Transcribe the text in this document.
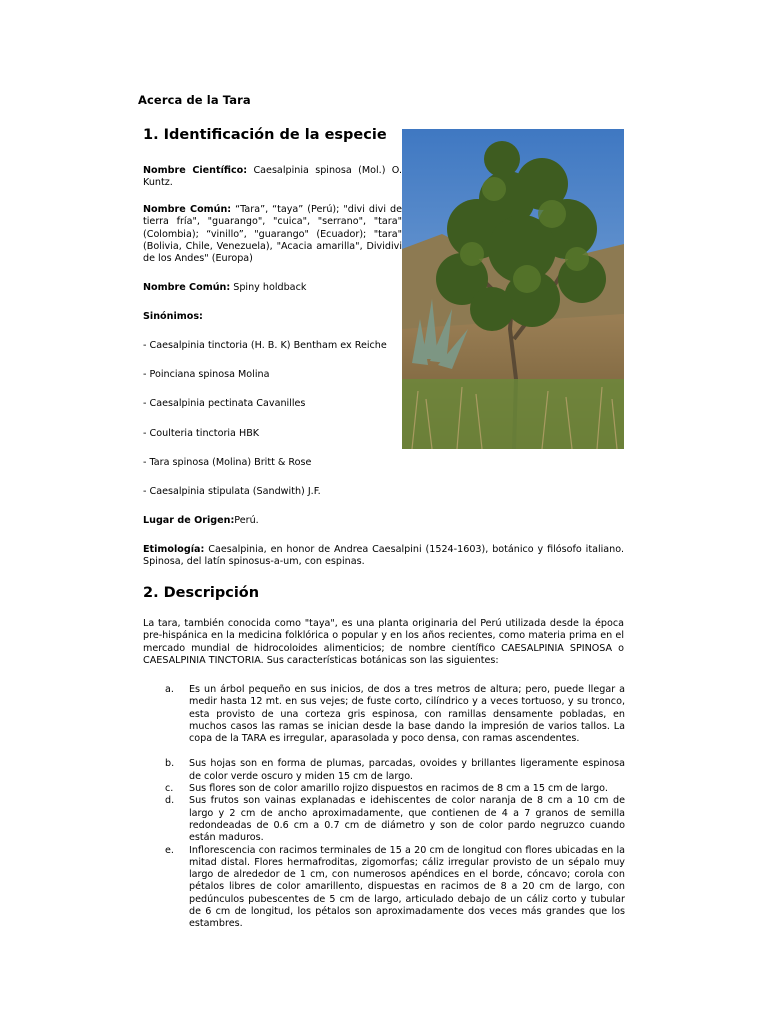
Acerca de la Tara
1. Identificación de la especie

Nombre Científico: Caesalpinia spinosa (Mol.) O. Kuntz.

Nombre Común: “Tara”, “taya” (Perú); "divi divi de tierra fría", "guarango", "cuica", "serrano", "tara" (Colombia); “vinillo”, "guarango" (Ecuador); "tara" (Bolivia, Chile, Venezuela), "Acacia amarilla", Dividivi de los Andes" (Europa)

Nombre Común: Spiny holdback

Sinónimos:

- Caesalpinia tinctoria (H. B. K) Bentham ex Reiche

- Poinciana spinosa Molina

- Caesalpinia pectinata Cavanilles

- Coulteria tinctoria HBK

- Tara spinosa (Molina) Britt & Rose

- Caesalpinia stipulata (Sandwith) J.F.

Lugar de Origen:Perú.

Etimología: Caesalpinia, en honor de Andrea Caesalpini (1524-1603), botánico y filósofo italiano. Spinosa, del latín spinosus-a-um, con espinas.

2. Descripción

La tara, también conocida como "taya", es una planta originaria del Perú utilizada desde la época pre-hispánica en la medicina folklórica o popular y en los años recientes, como materia prima en el mercado mundial de hidrocoloides alimenticios; de nombre científico CAESALPINIA SPINOSA o CAESALPINIA TINCTORIA. Sus características botánicas son las siguientes:

a. Es un árbol pequeño en sus inicios, de dos a tres metros de altura; pero, puede llegar a medir hasta 12 mt. en sus vejes; de fuste corto, cilíndrico y a veces tortuoso, y su tronco, esta provisto de una corteza gris espinosa, con ramillas densamente pobladas, en muchos casos las ramas se inician desde la base dando la impresión de varios tallos. La copa de la TARA es irregular, aparasolada y poco densa, con ramas ascendentes.
b. Sus hojas son en forma de plumas, parcadas, ovoides y brillantes ligeramente espinosa de color verde oscuro y miden 15 cm de largo.
c. Sus flores son de color amarillo rojizo dispuestos en racimos de 8 cm a 15 cm de largo.
d. Sus frutos son vainas explanadas e idehiscentes de color naranja de 8 cm a 10 cm de largo y 2 cm de ancho aproximadamente, que contienen de 4 a 7 granos de semilla redondeadas de 0.6 cm a 0.7 cm de diámetro y son de color pardo negruzco cuando están maduros.
e. Inflorescencia con racimos terminales de 15 a 20 cm de longitud con flores ubicadas en la mitad distal. Flores hermafroditas, zigomorfas; cáliz irregular provisto de un sépalo muy largo de alrededor de 1 cm, con numerosos apéndices en el borde, cóncavo; corola con pétalos libres de color amarillento, dispuestas en racimos de 8 a 20 cm de largo, con pedúnculos pubescentes de 5 cm de largo, articulado debajo de un cáliz corto y tubular de 6 cm de longitud, los pétalos son aproximadamente dos veces más grandes que los estambres.
